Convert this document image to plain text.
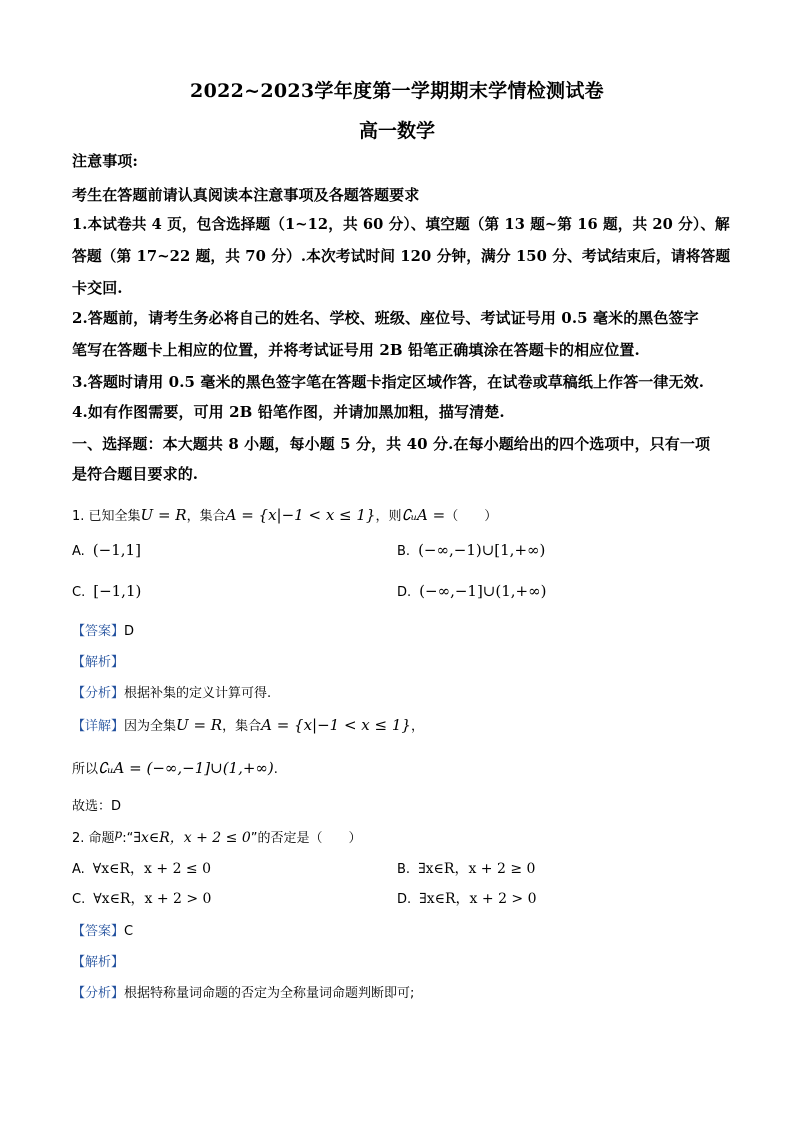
2022~2023学年度第一学期期末学情检测试卷
高一数学
注意事项:
考生在答题前请认真阅读本注意事项及各题答题要求
1.本试卷共 4 页，包含选择题（1~12，共 60 分）、填空题（第 13 题~第 16 题，共 20 分）、解
答题（第 17~22 题，共 70 分）.本次考试时间 120 分钟，满分 150 分、考试结束后，请将答题
卡交回.
2.答题前，请考生务必将自己的姓名、学校、班级、座位号、考试证号用 0.5 毫米的黑色签字
笔写在答题卡上相应的位置，并将考试证号用 2B 铅笔正确填涂在答题卡的相应位置.
3.答题时请用 0.5 毫米的黑色签字笔在答题卡指定区域作答，在试卷或草稿纸上作答一律无效.
4.如有作图需要，可用 2B 铅笔作图，并请加黑加粗，描写清楚.
一、选择题：本大题共 8 小题，每小题 5 分，共 40 分.在每小题给出的四个选项中，只有一项
是符合题目要求的.
1. 已知全集U = R，集合A = {x|−1 < x ≤ 1}，则∁ᵤA =（　　）
A. (−1,1]	B. (−∞,−1)∪[1,+∞)
C. [−1,1)	D. (−∞,−1]∪(1,+∞)
【答案】D
【解析】
【分析】根据补集的定义计算可得.
【详解】因为全集U = R，集合A = {x|−1 < x ≤ 1}，
所以∁ᵤA = (−∞,−1]∪(1,+∞).
故选：D
2. 命题p:“∃x∈R，x + 2 ≤ 0”的否定是（　　）
A. ∀x∈R，x + 2 ≤ 0	B. ∃x∈R，x + 2 ≥ 0
C. ∀x∈R，x + 2 > 0	D. ∃x∈R，x + 2 > 0
【答案】C
【解析】
【分析】根据特称量词命题的否定为全称量词命题判断即可;
